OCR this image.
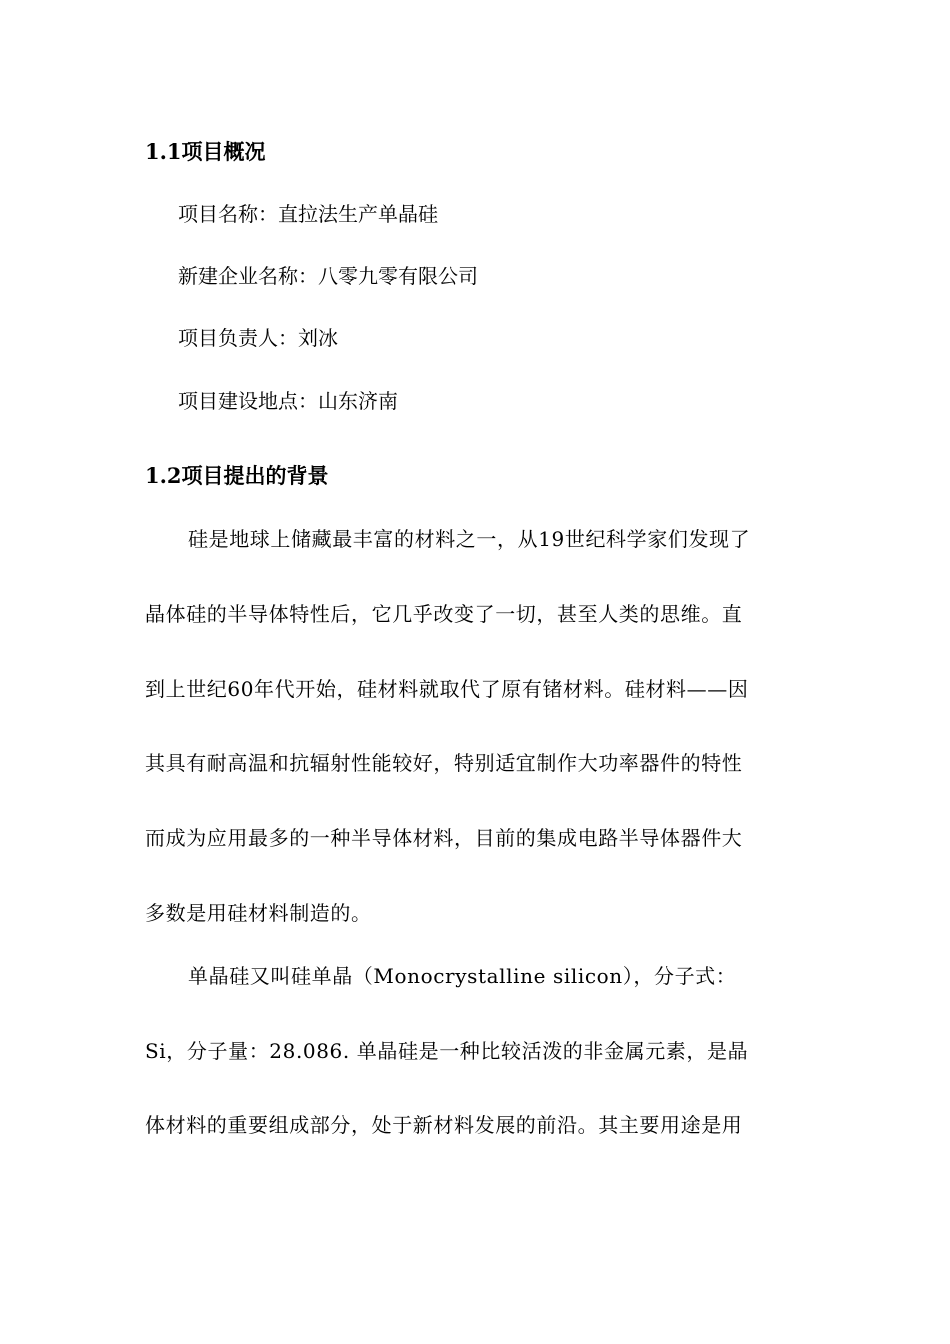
1.1项目概况
项目名称：直拉法生产单晶硅
新建企业名称：八零九零有限公司
项目负责人：刘冰
项目建设地点：山东济南
1.2项目提出的背景
硅是地球上储藏最丰富的材料之一，从19世纪科学家们发现了
晶体硅的半导体特性后，它几乎改变了一切，甚至人类的思维。直
到上世纪60年代开始，硅材料就取代了原有锗材料。硅材料——因
其具有耐高温和抗辐射性能较好，特别适宜制作大功率器件的特性
而成为应用最多的一种半导体材料，目前的集成电路半导体器件大
多数是用硅材料制造的。
单晶硅又叫硅单晶（Monocrystalline silicon），分子式：
Si，分子量：28.086. 单晶硅是一种比较活泼的非金属元素，是晶
体材料的重要组成部分，处于新材料发展的前沿。其主要用途是用
